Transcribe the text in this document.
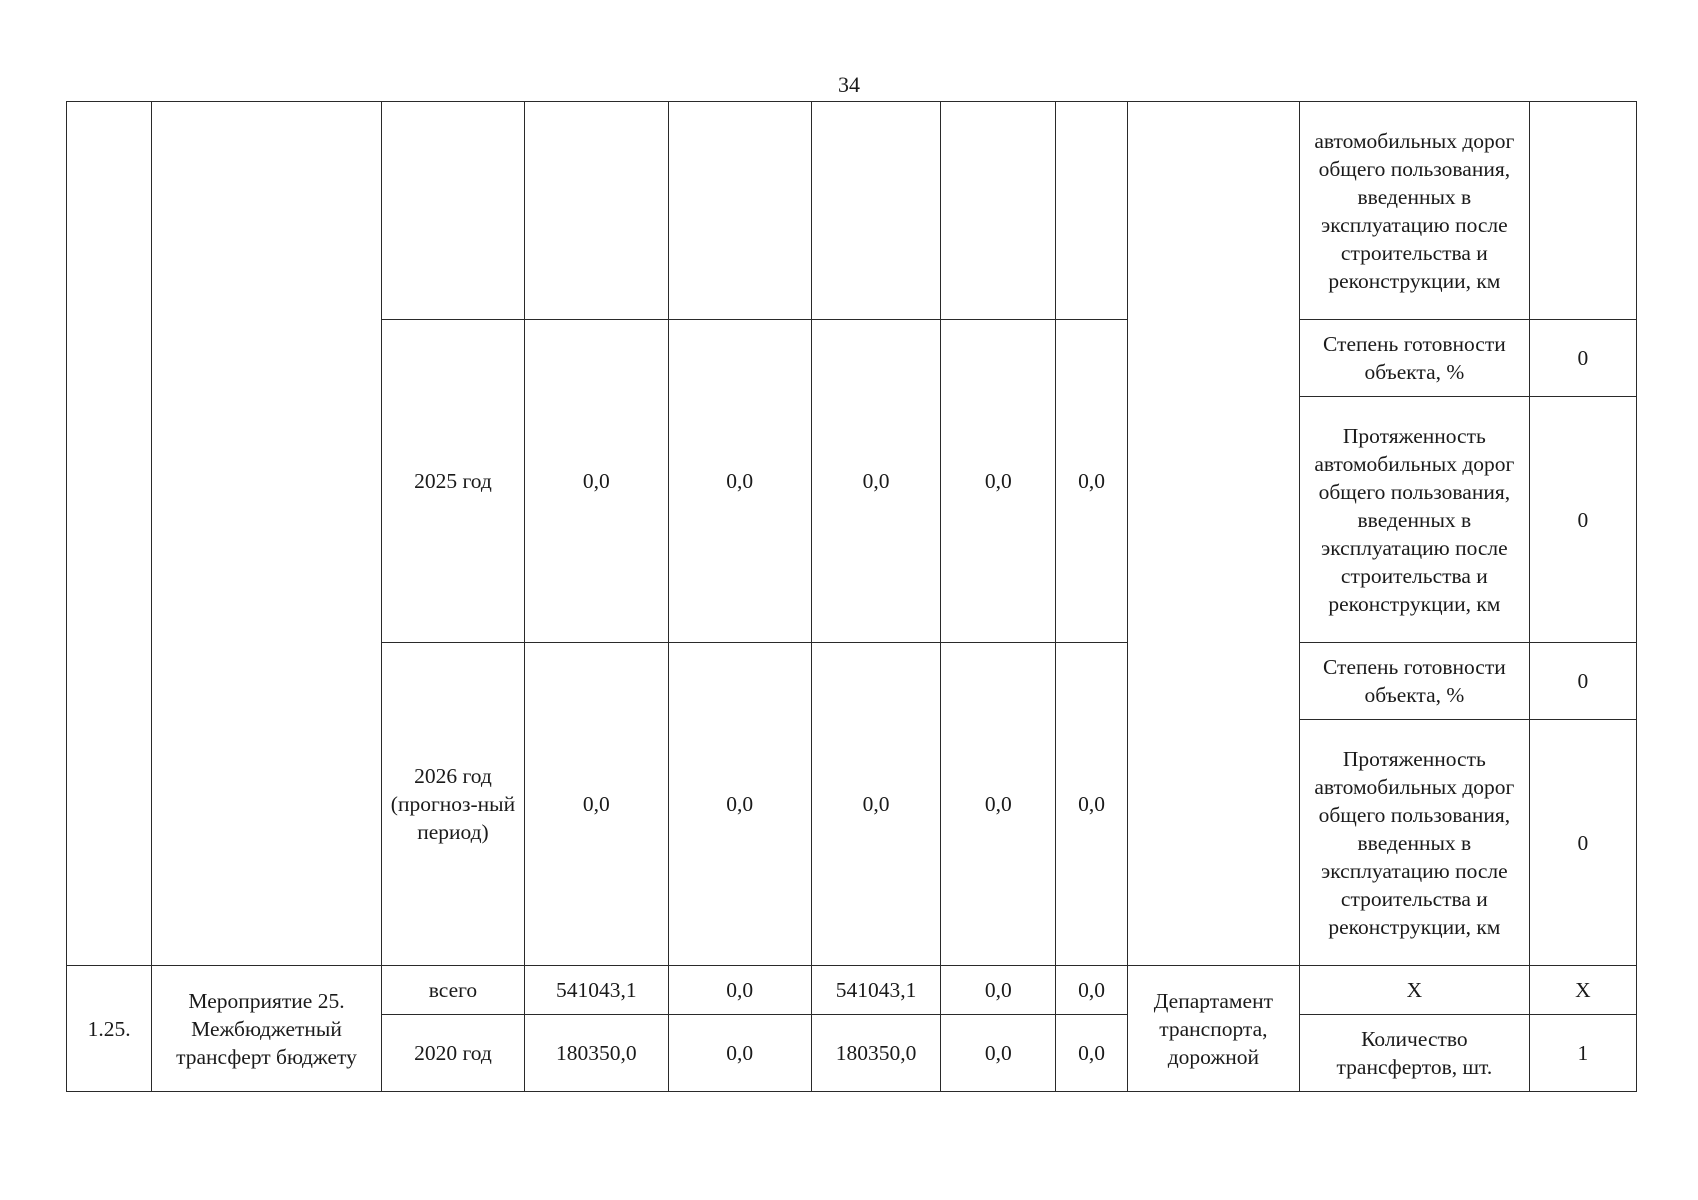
34
									автомобильных дорог общего пользования, введенных в эксплуатацию после строительства и реконструкции, км	
		2025 год	0,0	0,0	0,0	0,0	0,0		Степень готовности объекта, %	0
									Протяженность автомобильных дорог общего пользования, введенных в эксплуатацию после строительства и реконструкции, км	0
		2026 год (прогноз-ный период)	0,0	0,0	0,0	0,0	0,0		Степень готовности объекта, %	0
									Протяженность автомобильных дорог общего пользования, введенных в эксплуатацию после строительства и реконструкции, км	0
1.25.	Мероприятие 25. Межбюджетный трансферт бюджету	всего	541043,1	0,0	541043,1	0,0	0,0	Департамент транспорта, дорожной	Х	Х
		2020 год	180350,0	0,0	180350,0	0,0	0,0		Количество трансфертов, шт.	1
